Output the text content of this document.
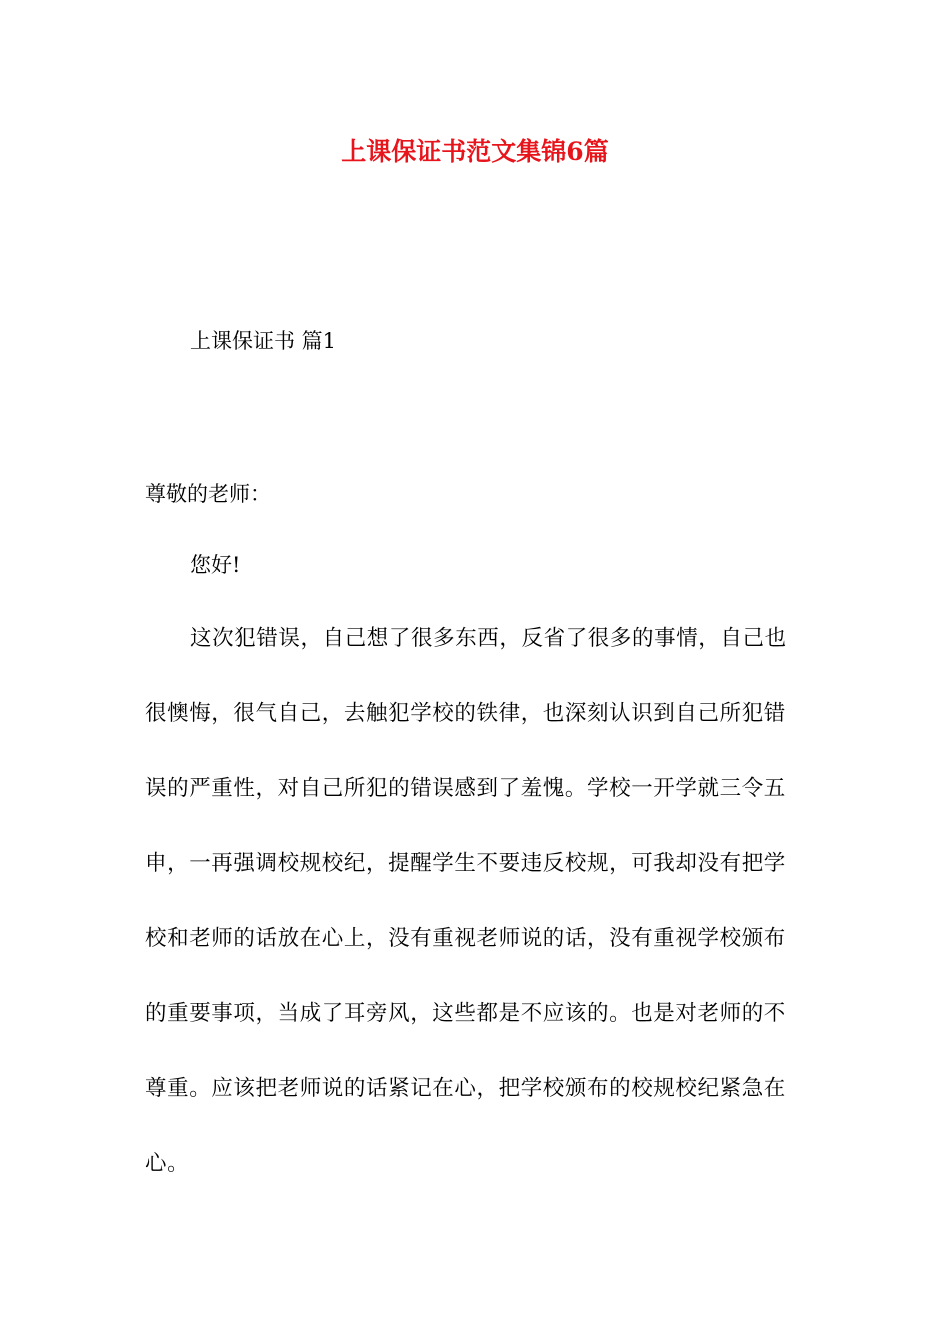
上课保证书范文集锦6篇
上课保证书 篇1
尊敬的老师：
您好!
这次犯错误，自己想了很多东西，反省了很多的事情，自己也
很懊悔，很气自己，去触犯学校的铁律，也深刻认识到自己所犯错
误的严重性，对自己所犯的错误感到了羞愧。学校一开学就三令五
申，一再强调校规校纪，提醒学生不要违反校规，可我却没有把学
校和老师的话放在心上，没有重视老师说的话，没有重视学校颁布
的重要事项，当成了耳旁风，这些都是不应该的。也是对老师的不
尊重。应该把老师说的话紧记在心，把学校颁布的校规校纪紧急在
心。
